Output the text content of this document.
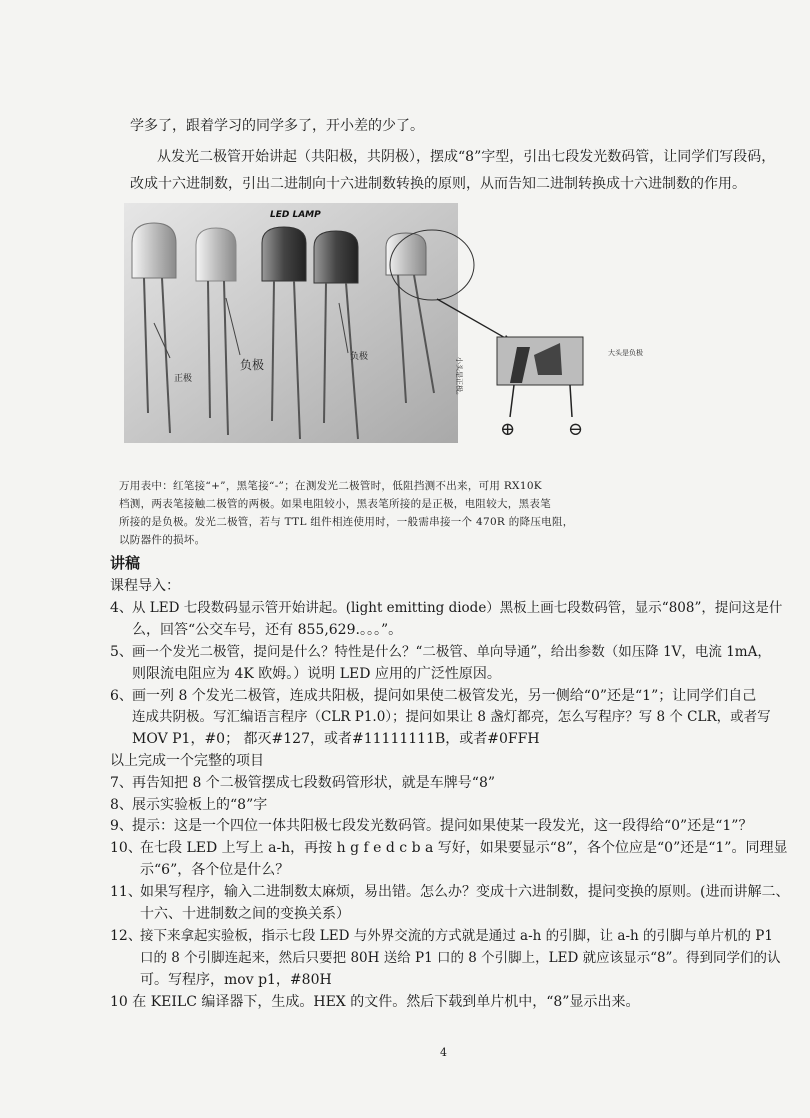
学多了，跟着学习的同学多了，开小差的少了。
从发光二极管开始讲起（共阳极，共阴极），摆成“8”字型，引出七段发光数码管，让同学们写段码，
改成十六进制数，引出二进制向十六进制数转换的原则，从而告知二进制转换成十六进制数的作用。
LED LAMP
正极
负极
负极
⊕	⊖
小头是正极。
大头是负极
万用表中：红笔接“+”，黑笔接“-”；在测发光二极管时，低阻挡测不出来，可用 RX10K
档测，两表笔接触二极管的两极。如果电阻较小，黑表笔所接的是正极，电阻较大，黑表笔
所接的是负极。发光二极管，若与 TTL 组件相连使用时，一般需串接一个 470R 的降压电阻，
以防器件的损坏。
讲稿
课程导入：
4、 从 LED 七段数码显示管开始讲起。(light emitting diode）黑板上画七段数码管，显示“808”，提问这是什
么，回答“公交车号，还有 855,629.。。。”。
5、 画一个发光二极管，提问是什么？特性是什么？“二极管、单向导通”，给出参数（如压降 1V，电流 1mA，
则限流电阻应为 4K 欧姆。）说明 LED 应用的广泛性原因。
6、 画一列 8 个发光二极管，连成共阳极，提问如果使二极管发光，另一侧给“0”还是“1”；让同学们自己
连成共阴极。写汇编语言程序（CLR P1.0）；提问如果让 8 盏灯都亮，怎么写程序？写 8 个 CLR，或者写
MOV P1，#0； 都灭#127，或者#11111111B，或者#0FFH
以上完成一个完整的项目
7、 再告知把 8 个二极管摆成七段数码管形状，就是车牌号“8”
8、 展示实验板上的“8”字
9、 提示：这是一个四位一体共阳极七段发光数码管。提问如果使某一段发光，这一段得给“0”还是“1”？
10、
在七段 LED 上写上 a-h，再按 h g f e d c b a 写好，如果要显示“8”，各个位应是“0”还是“1”。同理显
示“6”，各个位是什么？
11、
如果写程序，输入二进制数太麻烦，易出错。怎么办？变成十六进制数，提问变换的原则。(进而讲解二、
十六、十进制数之间的变换关系）
12、
接下来拿起实验板，指示七段 LED 与外界交流的方式就是通过 a-h 的引脚，让 a-h 的引脚与单片机的 P1
口的 8 个引脚连起来，然后只要把 80H 送给 P1 口的 8 个引脚上，LED 就应该显示“8”。得到同学们的认
可。写程序，mov p1，#80H
10 在 KEILC 编译器下，生成。HEX 的文件。然后下载到单片机中，“8”显示出来。
4
